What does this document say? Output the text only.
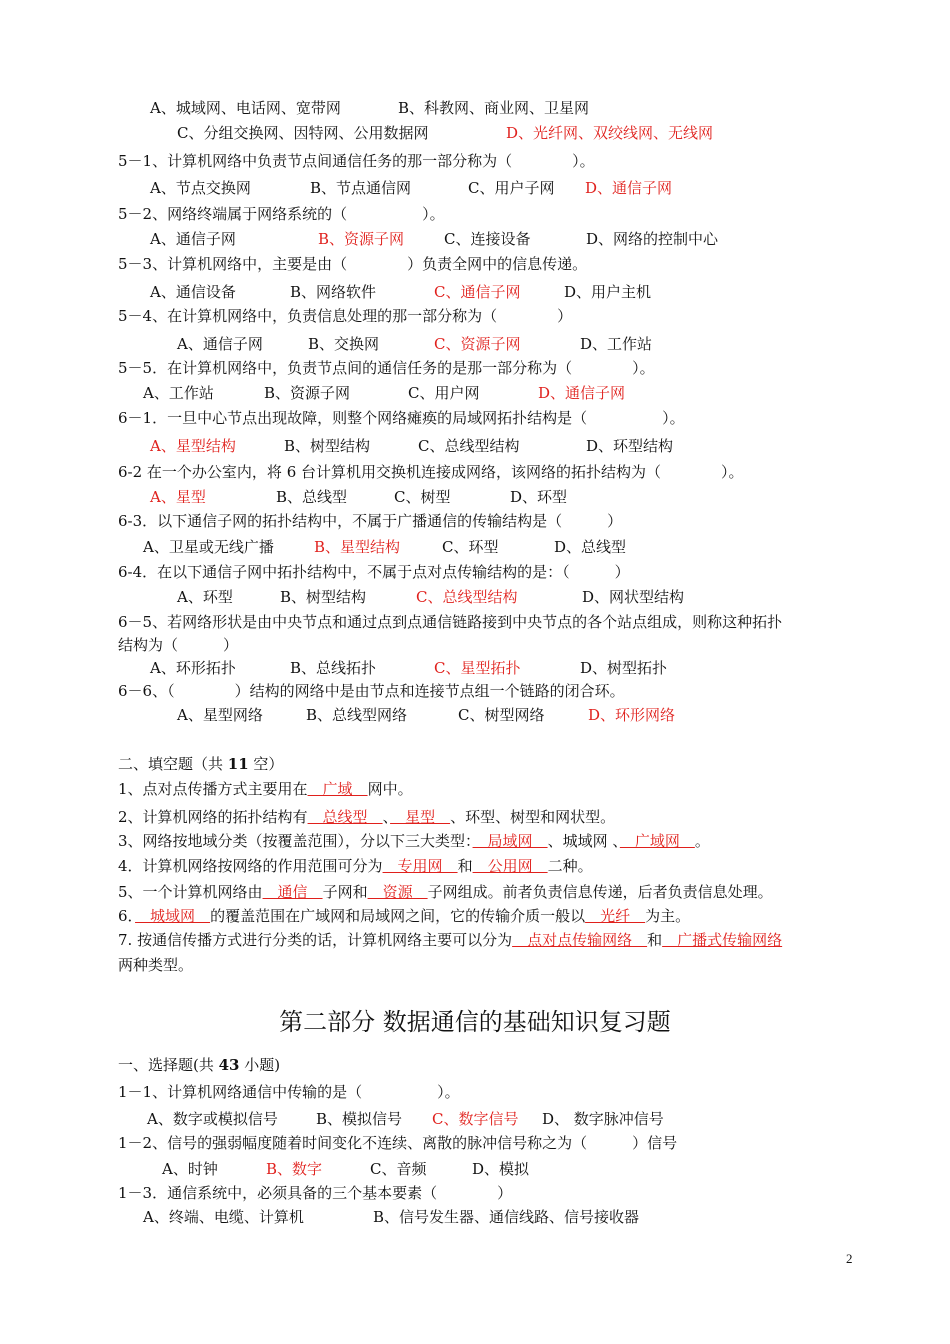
A、城域网、电话网、宽带网	B、科教网、商业网、卫星网
C、分组交换网、因特网、公用数据网	D、光纤网、双绞线网、无线网
5－1、计算机网络中负责节点间通信任务的那一部分称为（　　　　）。
A、节点交换网	B、节点通信网	C、用户子网 D、通信子网
5－2、网络终端属于网络系统的（　　　　　）。
A、通信子网	B、资源子网	C、连接设备	D、网络的控制中心
5－3、计算机网络中，主要是由（　　　　）负责全网中的信息传递。
A、通信设备	B、网络软件	C、通信子网	D、用户主机
5－4、在计算机网络中，负责信息处理的那一部分称为（　　　　）
A、通信子网	B、交换网	C、资源子网	D、工作站
5－5．在计算机网络中，负责节点间的通信任务的是那一部分称为（　　　　）。
A、工作站	B、资源子网	C、用户网	D、通信子网
6－1．一旦中心节点出现故障，则整个网络瘫痪的局域网拓扑结构是（　　　　　）。
A、星型结构	B、树型结构	C、总线型结构	D、环型结构
6-2 在一个办公室内，将 6 台计算机用交换机连接成网络，该网络的拓扑结构为（　　　　）。
A、星型	B、总线型	C、树型	D、环型
6-3．以下通信子网的拓扑结构中，不属于广播通信的传输结构是（　　　）
A、卫星或无线广播	B、星型结构	C、环型	D、总线型
6-4．在以下通信子网中拓扑结构中，不属于点对点传输结构的是：（　　　）
A、环型	B、树型结构	C、总线型结构	D、网状型结构
6－5、若网络形状是由中央节点和通过点到点通信链路接到中央节点的各个站点组成，则称这种拓扑
结构为（　　　）
A、环形拓扑	B、总线拓扑	C、星型拓扑	D、树型拓扑
6－6、（　　　　）结构的网络中是由节点和连接节点组一个链路的闭合环。
A、星型网络	B、总线型网络	C、树型网络	D、环形网络
二、填空题（共 11 空）
1、点对点传播方式主要用在　广域　网中。
2、计算机网络的拓扑结构有　总线型　、　星型　、环型、树型和网状型。
3、网络按地域分类（按覆盖范围），分以下三大类型：　局域网　、城域网 、　广域网　。
4．计算机网络按网络的作用范围可分为　专用网　和　公用网　二种。
5、一个计算机网络由　通信　子网和　资源　子网组成。前者负责信息传递，后者负责信息处理。
6．　城域网　的覆盖范围在广域网和局域网之间，它的传输介质一般以　光纤　为主。
7. 按通信传播方式进行分类的话，计算机网络主要可以分为　点对点传输网络　和　广播式传输网络
两种类型。
第二部分 数据通信的基础知识复习题
一、选择题(共 43 小题)
1－1、计算机网络通信中传输的是（　　　　　）。
A、数字或模拟信号	B、模拟信号 C、数字信号 D、 数字脉冲信号
1－2、信号的强弱幅度随着时间变化不连续、离散的脉冲信号称之为（　　　）信号
A、时钟	B、数字	C、音频	D、模拟
1－3．通信系统中，必须具备的三个基本要素（　　　　）
A、终端、电缆、计算机	B、信号发生器、通信线路、信号接收器
2
